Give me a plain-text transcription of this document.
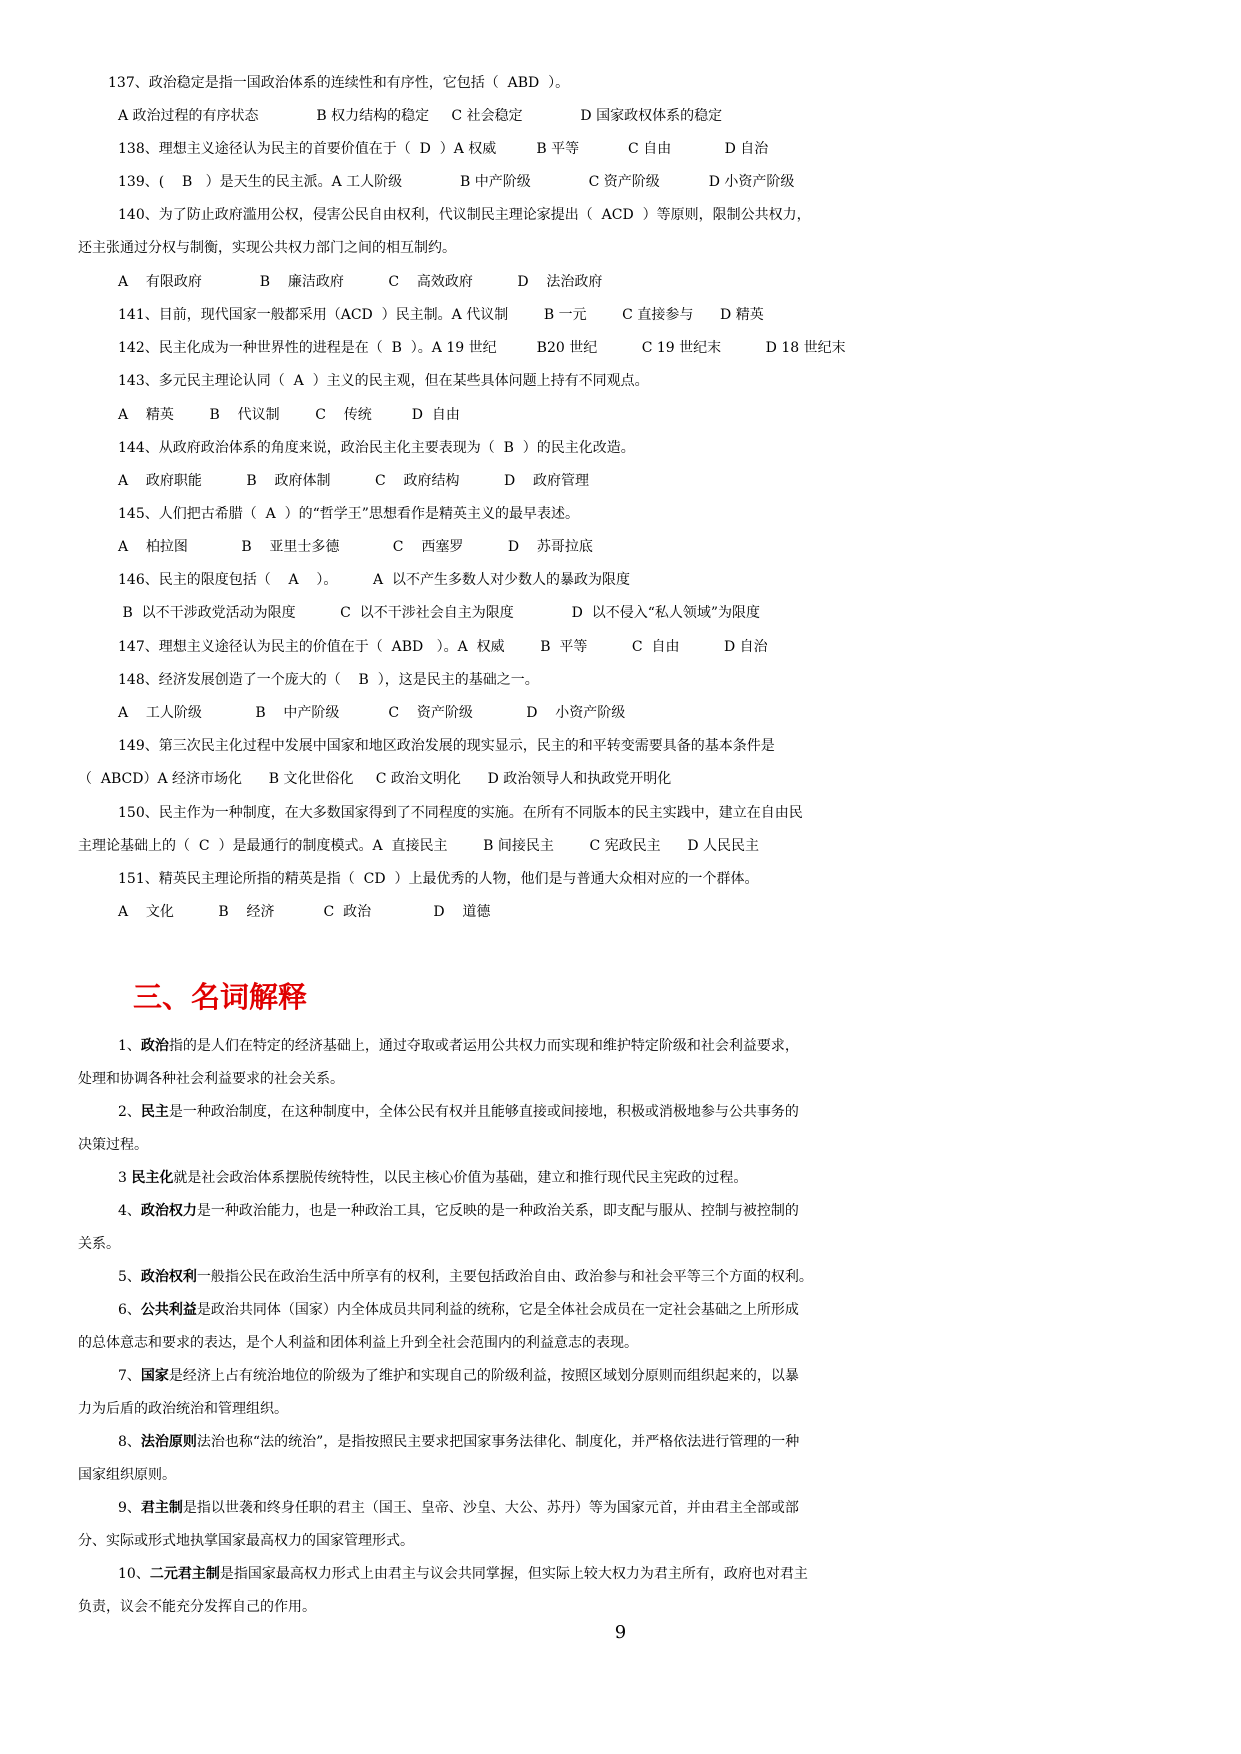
137、政治稳定是指一国政治体系的连续性和有序性，它包括（  ABD  ）。
A 政治过程的有序状态             B 权力结构的稳定     C 社会稳定             D 国家政权体系的稳定
138、理想主义途径认为民主的首要价值在于（  D  ）A 权威         B 平等           C 自由            D 自治
139、(    B   ）是天生的民主派。A 工人阶级             B 中产阶级             C 资产阶级           D 小资产阶级
140、为了防止政府滥用公权，侵害公民自由权利，代议制民主理论家提出（  ACD  ）等原则，限制公共权力，
还主张通过分权与制衡，实现公共权力部门之间的相互制约。
A    有限政府             B    廉洁政府          C    高效政府          D    法治政府
141、目前，现代国家一般都采用（ACD  ）民主制。A 代议制        B 一元        C 直接参与      D 精英
142、民主化成为一种世界性的进程是在（  B  ）。A 19 世纪         B20 世纪          C 19 世纪末          D 18 世纪末
143、多元民主理论认同（  A  ）主义的民主观，但在某些具体问题上持有不同观点。
A    精英        B    代议制        C    传统         D  自由
144、从政府政治体系的角度来说，政治民主化主要表现为（  B  ）的民主化改造。
A    政府职能          B    政府体制          C    政府结构          D    政府管理
145、人们把古希腊（  A  ）的“哲学王”思想看作是精英主义的最早表述。
A    柏拉图            B    亚里士多德            C    西塞罗          D    苏哥拉底
146、民主的限度包括（    A    ）。        A  以不产生多数人对少数人的暴政为限度
B  以不干涉政党活动为限度          C  以不干涉社会自主为限度             D  以不侵入“私人领域”为限度
147、理想主义途径认为民主的价值在于（  ABD   ）。A  权威        B  平等          C  自由          D 自治
148、经济发展创造了一个庞大的（    B  ），这是民主的基础之一。
A    工人阶级            B    中产阶级           C    资产阶级            D    小资产阶级
149、第三次民主化过程中发展中国家和地区政治发展的现实显示，民主的和平转变需要具备的基本条件是
（  ABCD）A 经济市场化      B 文化世俗化     C 政治文明化      D 政治领导人和执政党开明化
150、民主作为一种制度，在大多数国家得到了不同程度的实施。在所有不同版本的民主实践中，建立在自由民
主理论基础上的（  C  ）是最通行的制度模式。A  直接民主        B 间接民主        C 宪政民主      D 人民民主
151、精英民主理论所指的精英是指（  CD  ）上最优秀的人物，他们是与普通大众相对应的一个群体。
A    文化          B    经济           C  政治              D    道德
三、名词解释
1、政治指的是人们在特定的经济基础上，通过夺取或者运用公共权力而实现和维护特定阶级和社会利益要求，
处理和协调各种社会利益要求的社会关系。
2、民主是一种政治制度，在这种制度中，全体公民有权并且能够直接或间接地，积极或消极地参与公共事务的
决策过程。
3 民主化就是社会政治体系摆脱传统特性，以民主核心价值为基础，建立和推行现代民主宪政的过程。
4、政治权力是一种政治能力，也是一种政治工具，它反映的是一种政治关系，即支配与服从、控制与被控制的
关系。
5、政治权利一般指公民在政治生活中所享有的权利，主要包括政治自由、政治参与和社会平等三个方面的权利。
6、公共利益是政治共同体（国家）内全体成员共同利益的统称，它是全体社会成员在一定社会基础之上所形成
的总体意志和要求的表达，是个人利益和团体利益上升到全社会范围内的利益意志的表现。
7、国家是经济上占有统治地位的阶级为了维护和实现自己的阶级利益，按照区域划分原则而组织起来的，以暴
力为后盾的政治统治和管理组织。
8、法治原则法治也称“法的统治”，是指按照民主要求把国家事务法律化、制度化，并严格依法进行管理的一种
国家组织原则。
9、君主制是指以世袭和终身任职的君主（国王、皇帝、沙皇、大公、苏丹）等为国家元首，并由君主全部或部
分、实际或形式地执掌国家最高权力的国家管理形式。
10、二元君主制是指国家最高权力形式上由君主与议会共同掌握，但实际上较大权力为君主所有，政府也对君主
负责，议会不能充分发挥自己的作用。
9
